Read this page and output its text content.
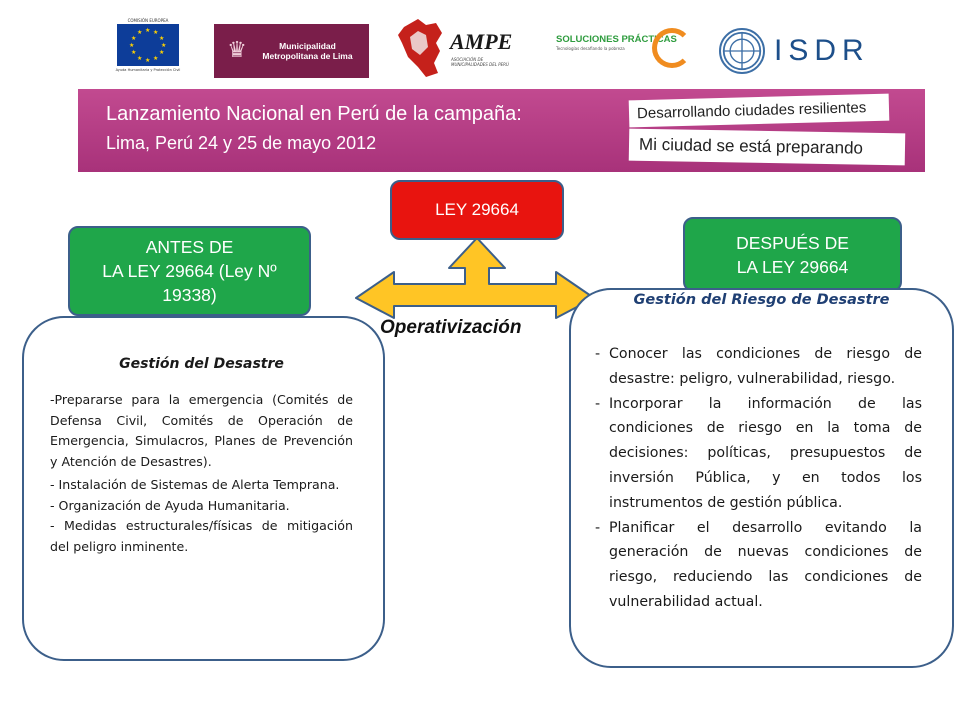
COMISIÓN EUROPEA
★ ★
★
★
★
★
★
★
★
★
★
★
Ayuda Humanitaria y Protección Civil
♛	Municipalidad Metropolitana de Lima
AMPE
ASOCIACIÓN DE MUNICIPALIDADES DEL PERÚ
SOLUCIONES PRÁCTICAS
Tecnologías desafiando la pobreza	ISDR
Lanzamiento Nacional en Perú de la campaña:
Lima, Perú 24 y 25 de mayo 2012
Desarrollando ciudades resilientes
Mi ciudad se está preparando
LEY 29664
ANTES DE
LA LEY 29664 (Ley Nº
19338)
DESPUÉS DE
LA LEY 29664
Operativización
Gestión del Desastre

-Prepararse para la emergencia (Comités de Defensa Civil, Comités de Operación de Emergencia, Simulacros, Planes de Prevención y Atención de Desastres).

- Instalación de Sistemas de Alerta Temprana.

- Organización de Ayuda Humanitaria.

- Medidas estructurales/físicas de mitigación del peligro inminente.

Gestión del Riesgo de Desastre
- Conocer las condiciones de riesgo de desastre: peligro, vulnerabilidad, riesgo.
- Incorporar la información de las condiciones de riesgo en la toma de decisiones: políticas, presupuestos de inversión Pública, y en todos los instrumentos de gestión pública.
- Planificar el desarrollo evitando la generación de nuevas condiciones de riesgo, reduciendo las condiciones de vulnerabilidad actual.
